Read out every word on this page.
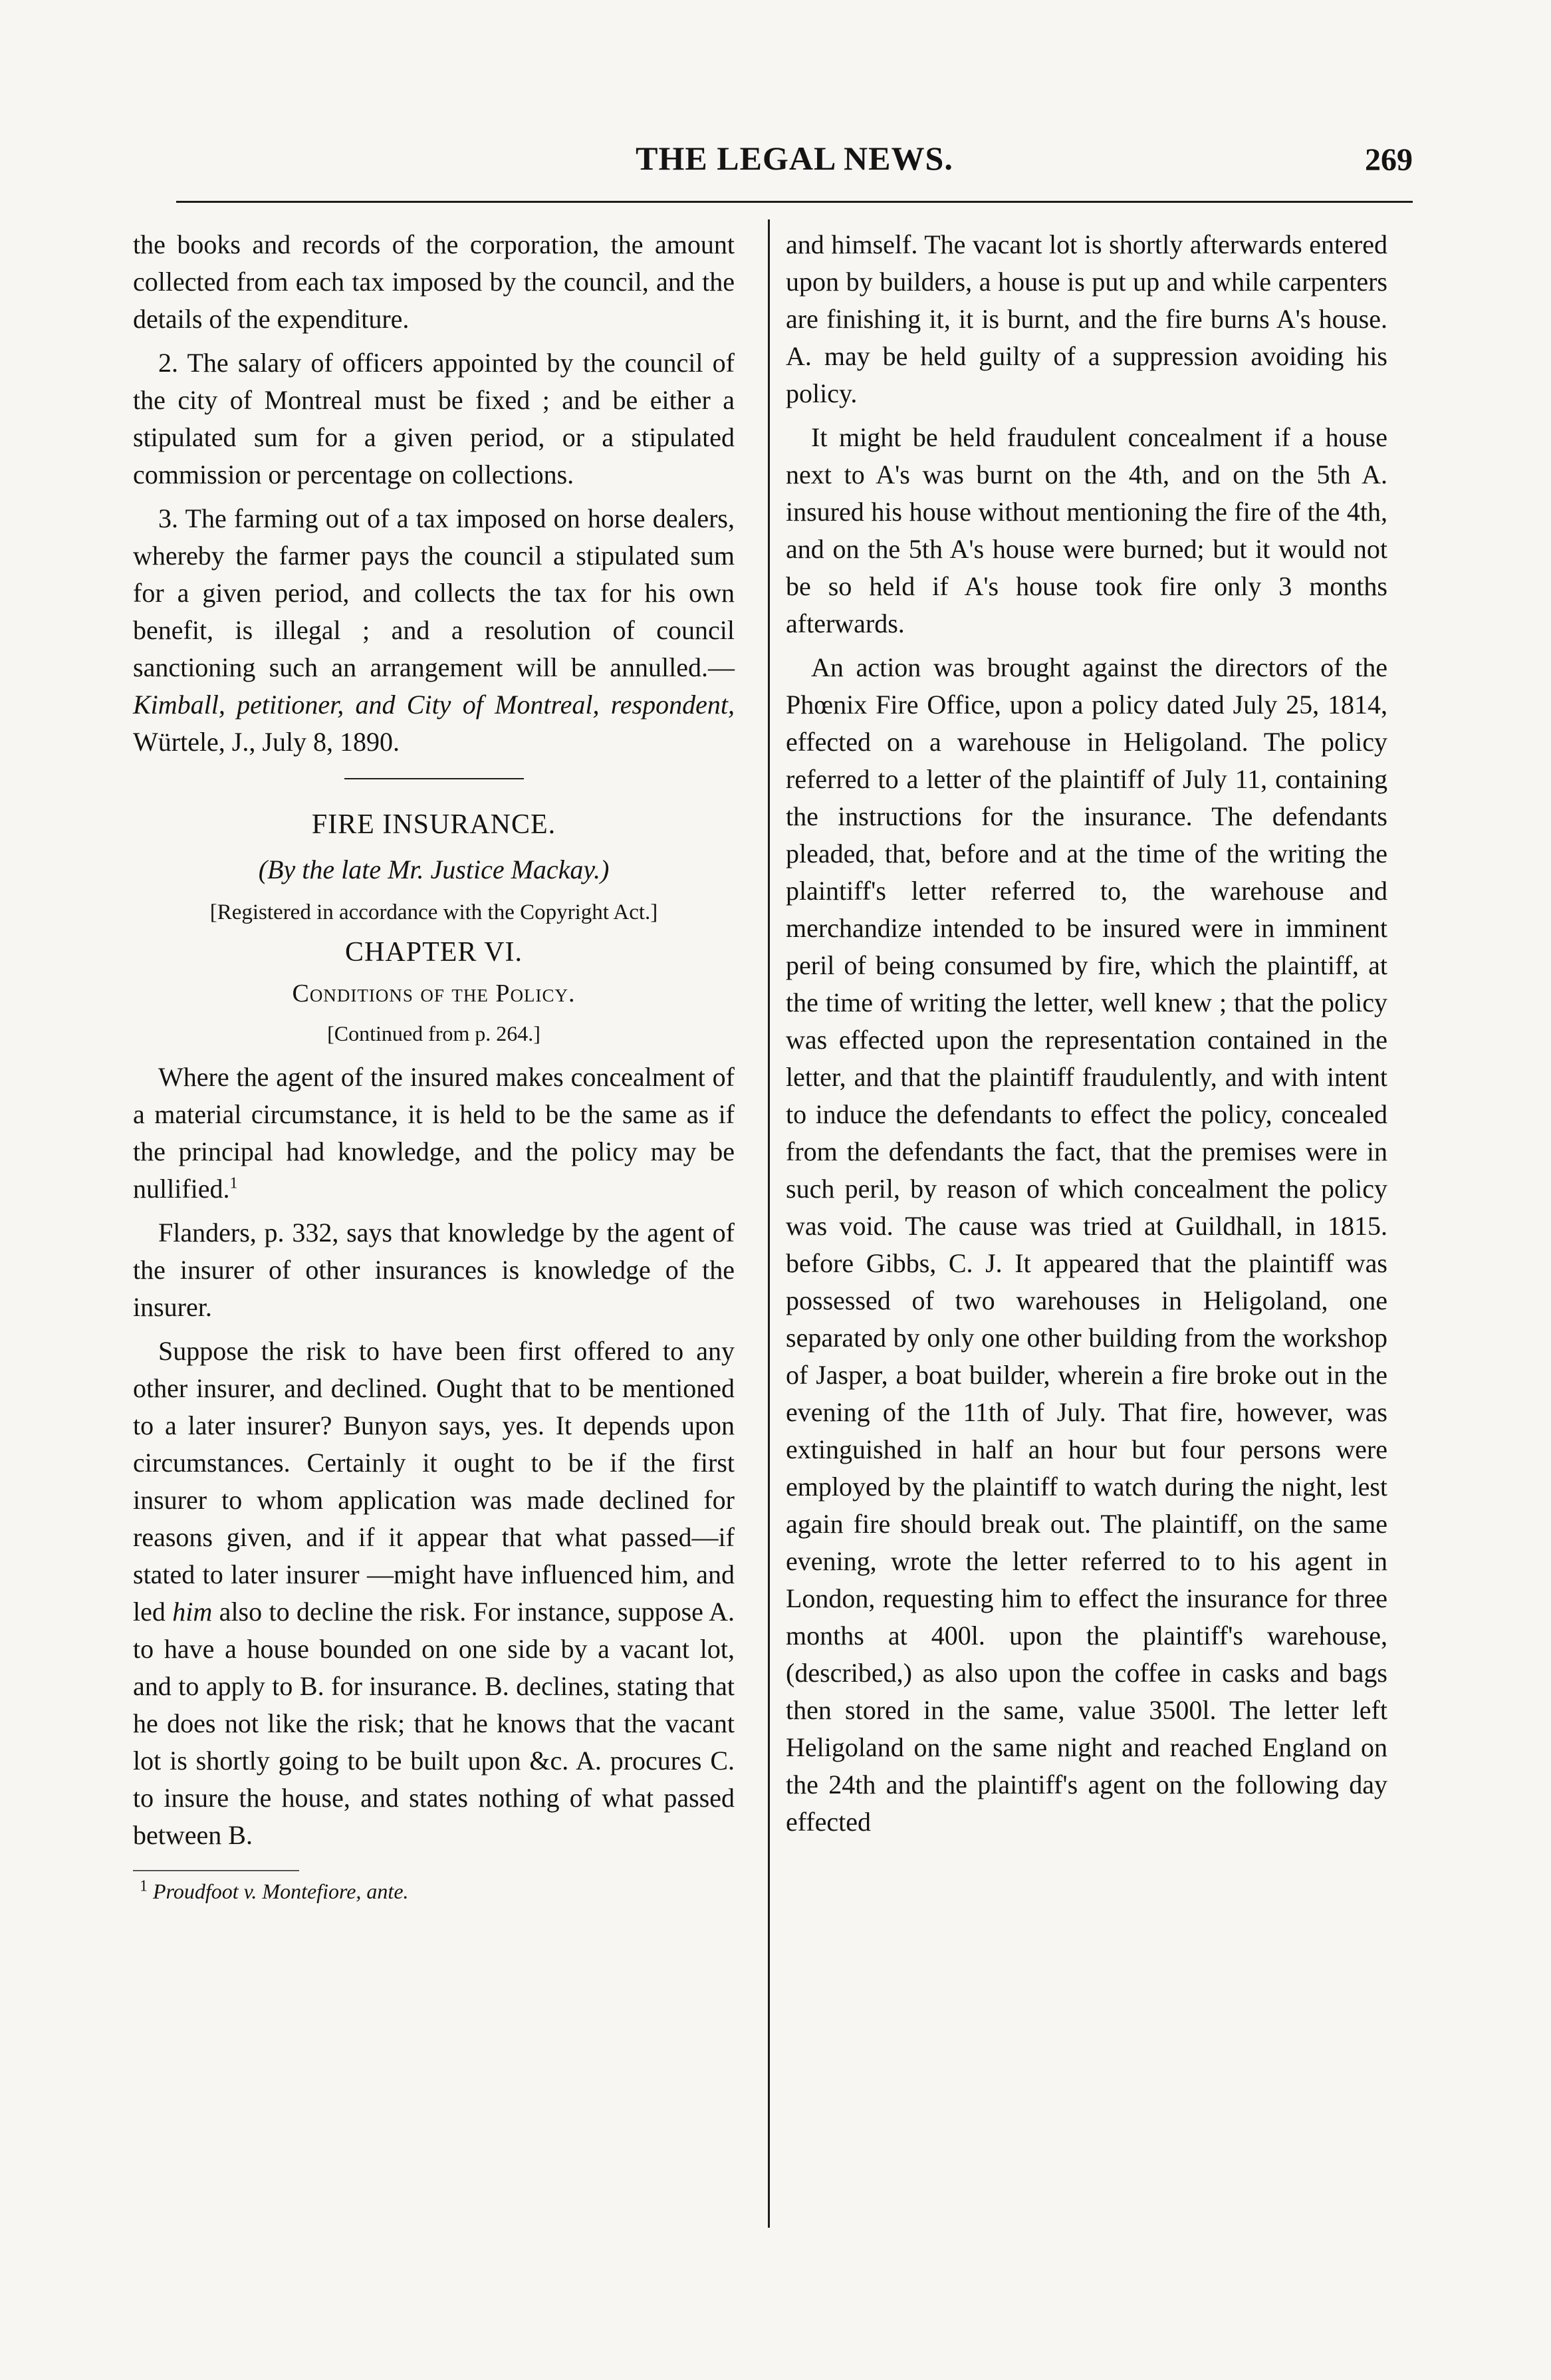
THE LEGAL NEWS.	269

the books and records of the corporation, the amount collected from each tax imposed by the council, and the details of the expenditure.

2. The salary of officers appointed by the council of the city of Montreal must be fixed ; and be either a stipulated sum for a given period, or a stipulated commission or percentage on collections.

3. The farming out of a tax imposed on horse dealers, whereby the farmer pays the council a stipulated sum for a given period, and collects the tax for his own benefit, is illegal ; and a resolution of council sanctioning such an arrangement will be annulled.—Kimball, petitioner, and City of Montreal, respondent, Würtele, J., July 8, 1890.

FIRE INSURANCE.
(By the late Mr. Justice Mackay.)
[Registered in accordance with the Copyright Act.]
CHAPTER VI.
Conditions of the Policy.
[Continued from p. 264.]

Where the agent of the insured makes concealment of a material circumstance, it is held to be the same as if the principal had knowledge, and the policy may be nullified.$^1$

Flanders, p. 332, says that knowledge by the agent of the insurer of other insurances is knowledge of the insurer.

Suppose the risk to have been first offered to any other insurer, and declined. Ought that to be mentioned to a later insurer? Bunyon says, yes. It depends upon circumstances. Certainly it ought to be if the first insurer to whom application was made declined for reasons given, and if it appear that what passed—if stated to later insurer —might have influenced him, and led him also to decline the risk. For instance, suppose A. to have a house bounded on one side by a vacant lot, and to apply to B. for insurance. B. declines, stating that he does not like the risk; that he knows that the vacant lot is shortly going to be built upon &c. A. procures C. to insure the house, and states nothing of what passed between B.

$^1$ Proudfoot v. Montefiore, ante.

and himself. The vacant lot is shortly afterwards entered upon by builders, a house is put up and while carpenters are finishing it, it is burnt, and the fire burns A's house. A. may be held guilty of a suppression avoiding his policy.

It might be held fraudulent concealment if a house next to A's was burnt on the 4th, and on the 5th A. insured his house without mentioning the fire of the 4th, and on the 5th A's house were burned; but it would not be so held if A's house took fire only 3 months afterwards.

An action was brought against the directors of the Phœnix Fire Office, upon a policy dated July 25, 1814, effected on a warehouse in Heligoland. The policy referred to a letter of the plaintiff of July 11, containing the instructions for the insurance. The defendants pleaded, that, before and at the time of the writing the plaintiff's letter referred to, the warehouse and merchandize intended to be insured were in imminent peril of being consumed by fire, which the plaintiff, at the time of writing the letter, well knew ; that the policy was effected upon the representation contained in the letter, and that the plaintiff fraudulently, and with intent to induce the defendants to effect the policy, concealed from the defendants the fact, that the premises were in such peril, by reason of which concealment the policy was void. The cause was tried at Guildhall, in 1815. before Gibbs, C. J. It appeared that the plaintiff was possessed of two warehouses in Heligoland, one separated by only one other building from the workshop of Jasper, a boat builder, wherein a fire broke out in the evening of the 11th of July. That fire, however, was extinguished in half an hour but four persons were employed by the plaintiff to watch during the night, lest again fire should break out. The plaintiff, on the same evening, wrote the letter referred to to his agent in London, requesting him to effect the insurance for three months at 400l. upon the plaintiff's warehouse, (described,) as also upon the coffee in casks and bags then stored in the same, value 3500l. The letter left Heligoland on the same night and reached England on the 24th and the plaintiff's agent on the following day effected
